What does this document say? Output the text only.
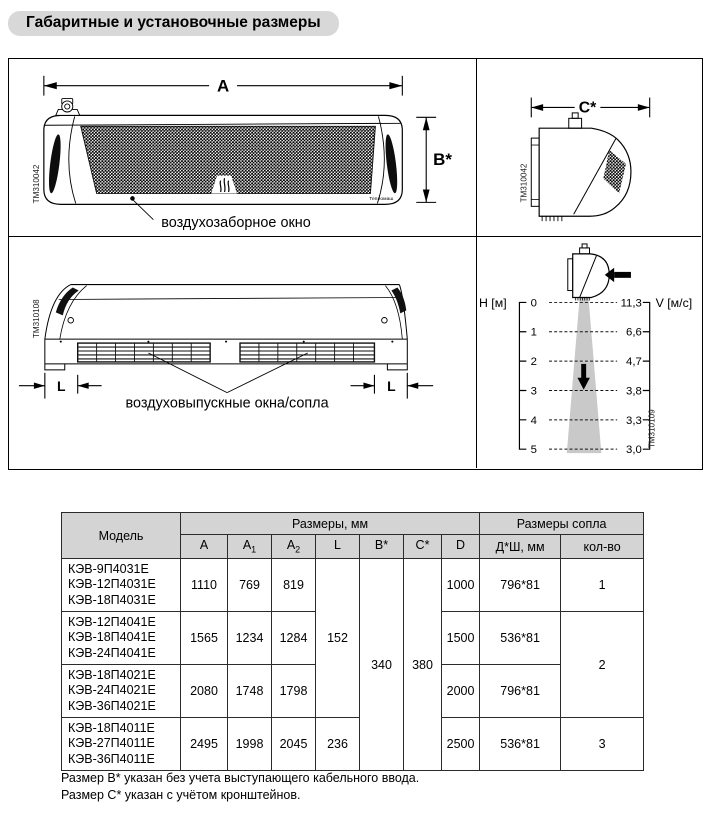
Габаритные и установочные размеры
A
Тепломаш
воздухозаборное окно
B*
TM310042
C*
TM310042
L	L
воздуховыпускные окна/сопла
TM310108	H [м]	V [м/с]
0
1
2
3
4
5
11,3
6,6
4,7
3,8
3,3
3,0
TM310109
Модель	Размеры, мм							Размеры сопла	
	A	$A_1$	$A_2$	L	B*	C*	D	Д*Ш, мм	кол-во

КЭВ-9П4031Е
КЭВ-12П4031Е
КЭВ-18П4031Е	1110	769	819	152	340	380	1000	796*81	1

КЭВ-12П4041Е
КЭВ-18П4041Е
КЭВ-24П4041Е	1565	1234	1284				1500	536*81	2

КЭВ-18П4021Е
КЭВ-24П4021Е
КЭВ-36П4021Е	2080	1748	1798				2000	796*81	

КЭВ-18П4011Е
КЭВ-27П4011Е
КЭВ-36П4011Е	2495	1998	2045	236			2500	536*81	3
Размер B* указан без учета выступающего кабельного ввода.
Размер C* указан с учётом кронштейнов.
